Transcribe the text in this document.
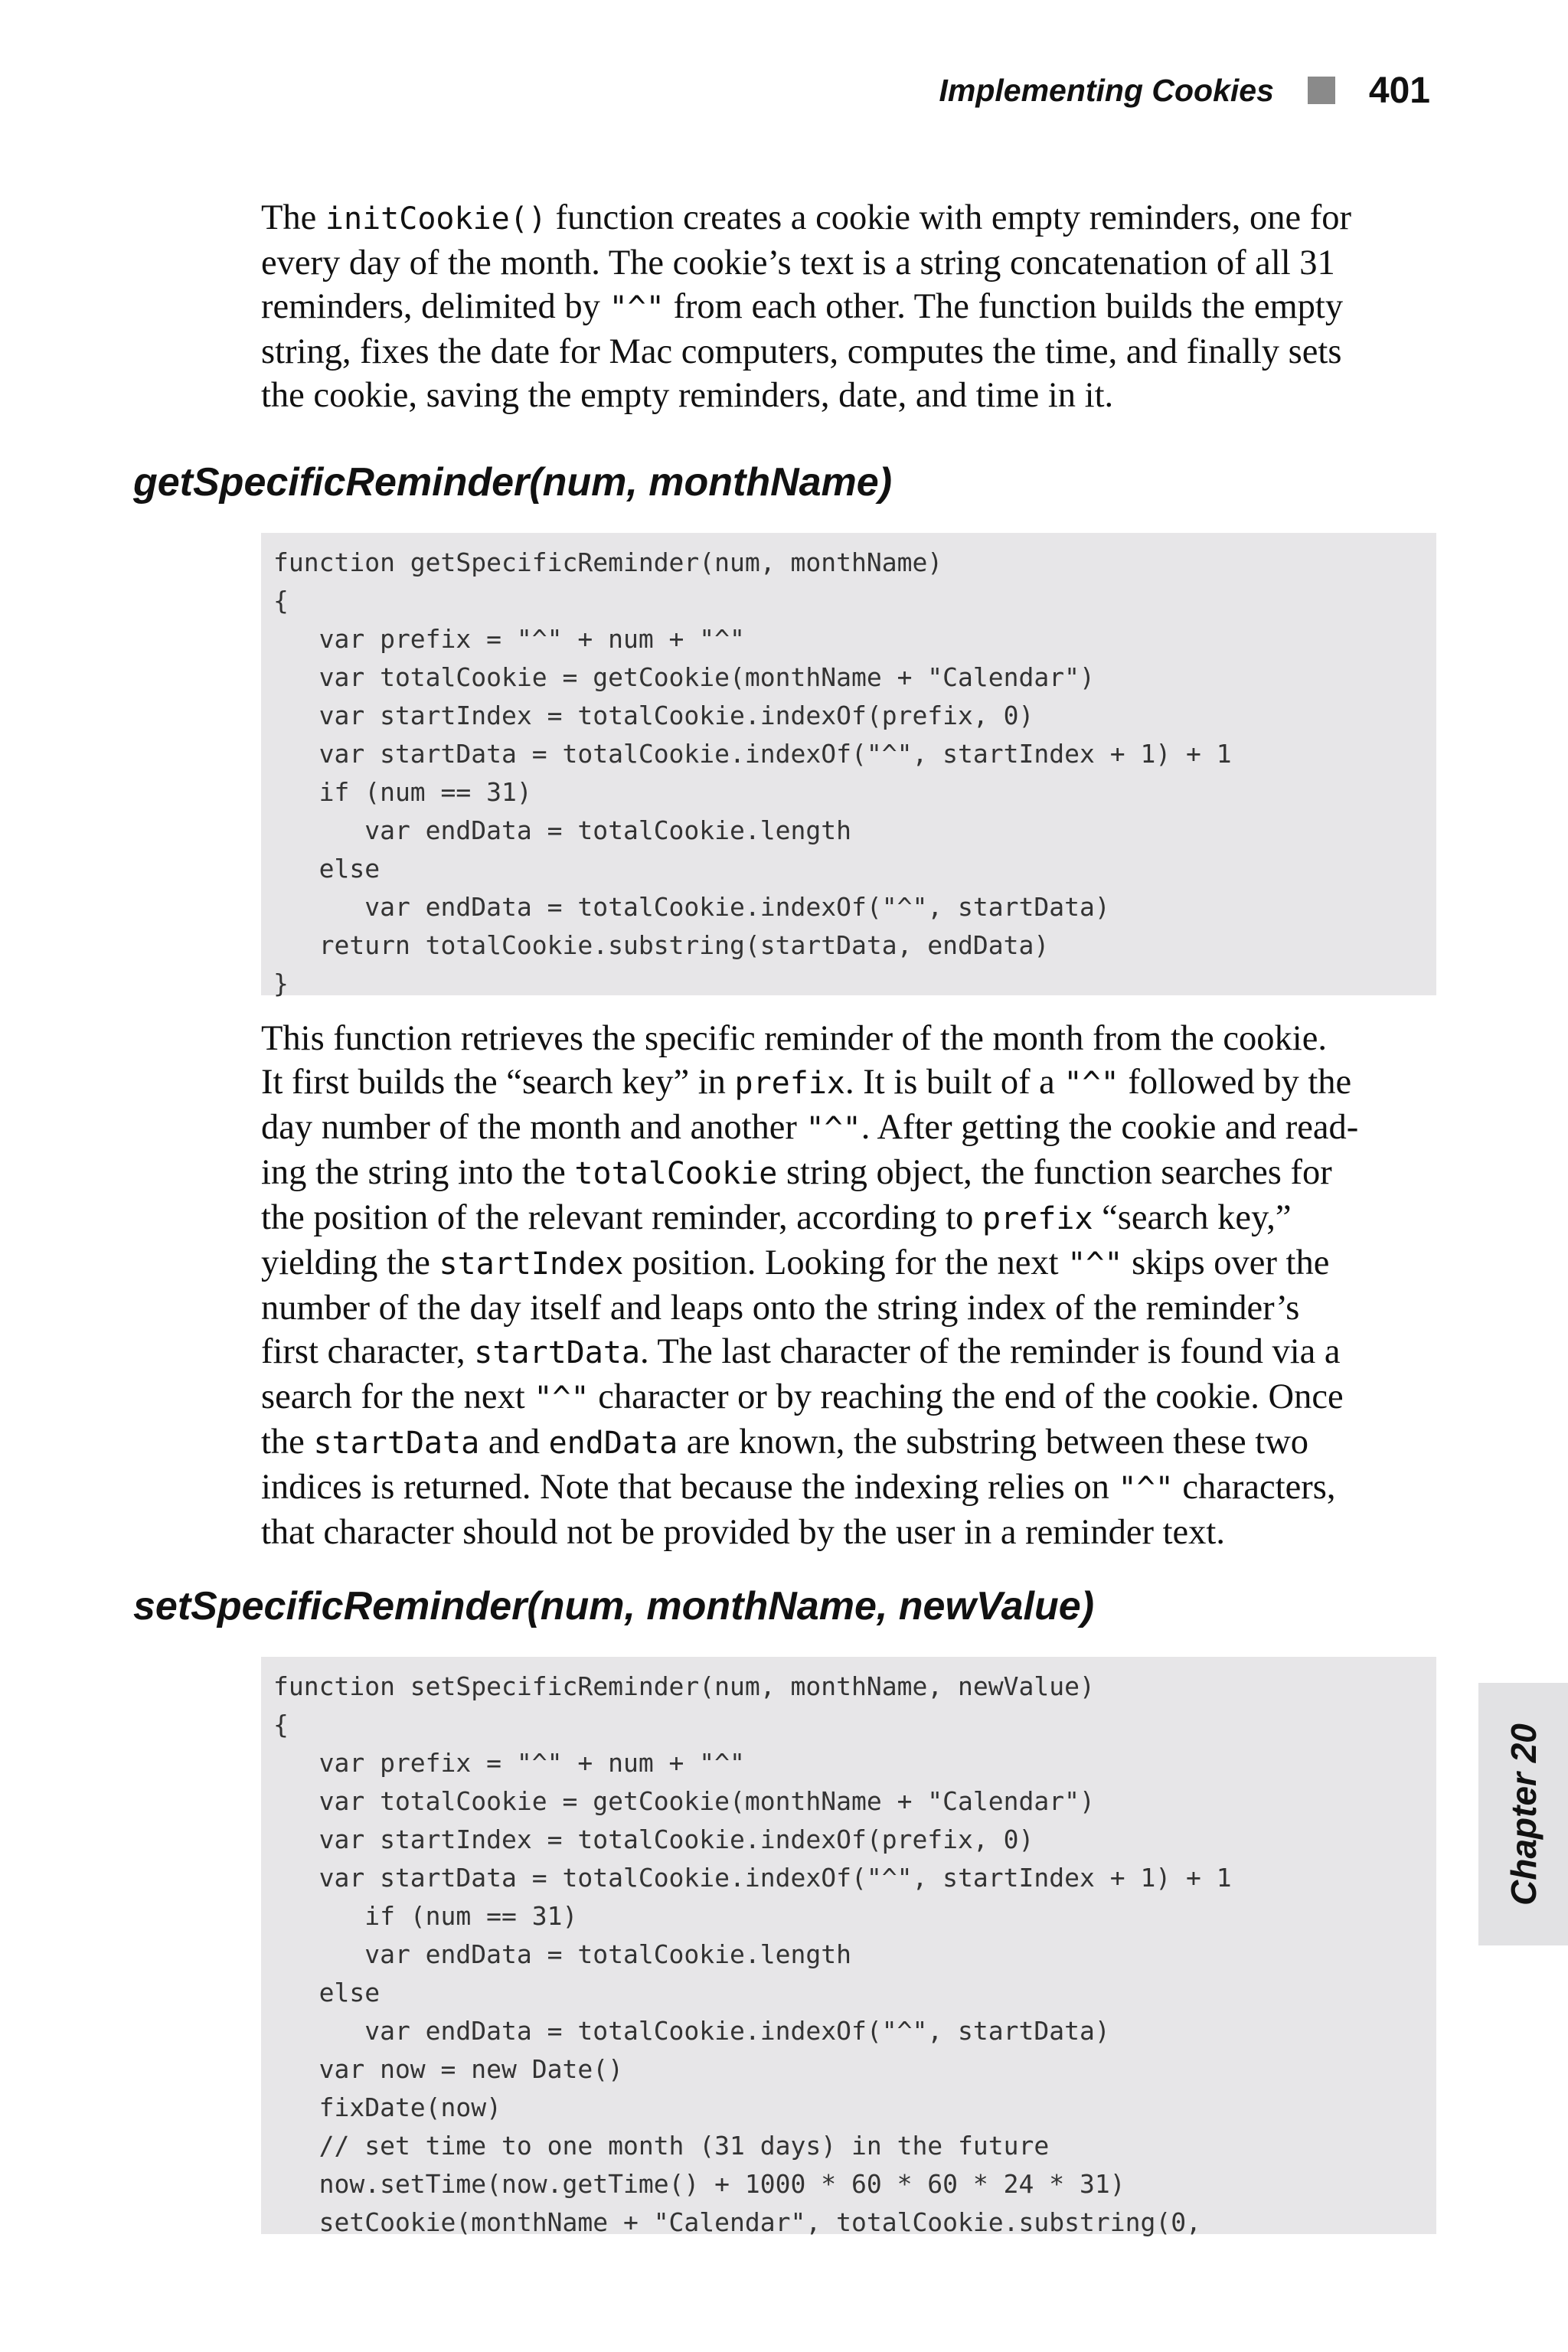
Implementing Cookies	401
The initCookie() function creates a cookie with empty reminders, one for
every day of the month. The cookie’s text is a string concatenation of all 31
reminders, delimited by "^" from each other. The function builds the empty
string, fixes the date for Mac computers, computes the time, and finally sets
the cookie, saving the empty reminders, date, and time in it.
getSpecificReminder(num, monthName)
function getSpecificReminder(num, monthName)
{
var prefix = "^" + num + "^"
var totalCookie = getCookie(monthName + "Calendar")
var startIndex = totalCookie.indexOf(prefix, 0)
var startData = totalCookie.indexOf("^", startIndex + 1) + 1
if (num == 31)
var endData = totalCookie.length
else
var endData = totalCookie.indexOf("^", startData)
return totalCookie.substring(startData, endData)
}
This function retrieves the specific reminder of the month from the cookie.
It first builds the “search key” in prefix. It is built of a "^" followed by the
day number of the month and another "^". After getting the cookie and read-
ing the string into the totalCookie string object, the function searches for
the position of the relevant reminder, according to prefix “search key,”
yielding the startIndex position. Looking for the next "^" skips over the
number of the day itself and leaps onto the string index of the reminder’s
first character, startData. The last character of the reminder is found via a
search for the next "^" character or by reaching the end of the cookie. Once
the startData and endData are known, the substring between these two
indices is returned. Note that because the indexing relies on "^" characters,
that character should not be provided by the user in a reminder text.
setSpecificReminder(num, monthName, newValue)
function setSpecificReminder(num, monthName, newValue)
{
var prefix = "^" + num + "^"
var totalCookie = getCookie(monthName + "Calendar")
var startIndex = totalCookie.indexOf(prefix, 0)
var startData = totalCookie.indexOf("^", startIndex + 1) + 1
if (num == 31)
var endData = totalCookie.length
else
var endData = totalCookie.indexOf("^", startData)
var now = new Date()
fixDate(now)
// set time to one month (31 days) in the future
now.setTime(now.getTime() + 1000 * 60 * 60 * 24 * 31)
setCookie(monthName + "Calendar", totalCookie.substring(0,
Chapter 20
